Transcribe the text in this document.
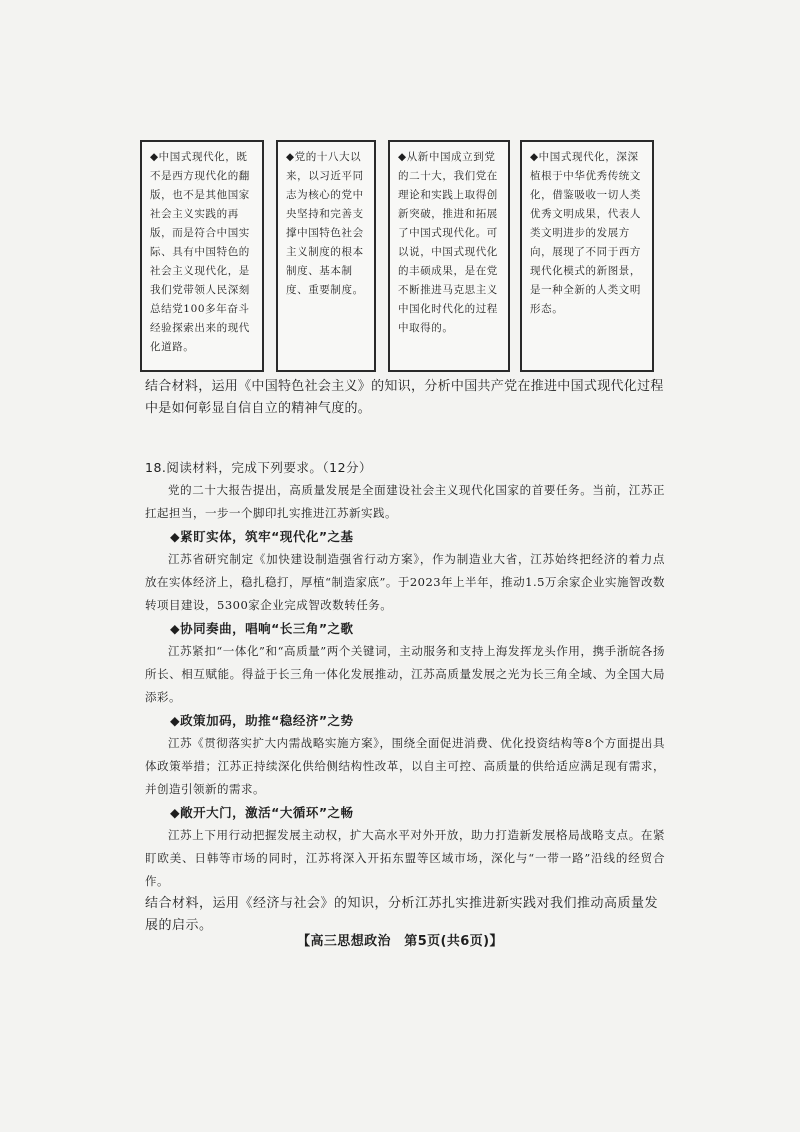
◆中国式现代化，既不是西方现代化的翻版，也不是其他国家社会主义实践的再版，而是符合中国实际、具有中国特色的社会主义现代化，是我们党带领人民深刻总结党100多年奋斗经验探索出来的现代化道路。
◆党的十八大以来，以习近平同志为核心的党中央坚持和完善支撑中国特色社会主义制度的根本制度、基本制度、重要制度。
◆从新中国成立到党的二十大，我们党在理论和实践上取得创新突破，推进和拓展了中国式现代化。可以说，中国式现代化的丰硕成果，是在党不断推进马克思主义中国化时代化的过程中取得的。
◆中国式现代化，深深植根于中华优秀传统文化，借鉴吸收一切人类优秀文明成果，代表人类文明进步的发展方向，展现了不同于西方现代化模式的新图景，是一种全新的人类文明形态。
结合材料，运用《中国特色社会主义》的知识，分析中国共产党在推进中国式现代化过程中是如何彰显自信自立的精神气度的。
18.阅读材料，完成下列要求。（12分）

党的二十大报告提出，高质量发展是全面建设社会主义现代化国家的首要任务。当前，江苏正扛起担当，一步一个脚印扎实推进江苏新实践。

◆紧盯实体，筑牢“现代化”之基

江苏省研究制定《加快建设制造强省行动方案》，作为制造业大省，江苏始终把经济的着力点放在实体经济上，稳扎稳打，厚植“制造家底”。于2023年上半年，推动1.5万余家企业实施智改数转项目建设，5300家企业完成智改数转任务。

◆协同奏曲，唱响“长三角”之歌

江苏紧扣“一体化”和“高质量”两个关键词，主动服务和支持上海发挥龙头作用，携手浙皖各扬所长、相互赋能。得益于长三角一体化发展推动，江苏高质量发展之光为长三角全域、为全国大局添彩。

◆政策加码，助推“稳经济”之势

江苏《贯彻落实扩大内需战略实施方案》，围绕全面促进消费、优化投资结构等8个方面提出具体政策举措；江苏正持续深化供给侧结构性改革，以自主可控、高质量的供给适应满足现有需求，并创造引领新的需求。

◆敞开大门，激活“大循环”之畅

江苏上下用行动把握发展主动权，扩大高水平对外开放，助力打造新发展格局战略支点。在紧盯欧美、日韩等市场的同时，江苏将深入开拓东盟等区域市场，深化与“一带一路”沿线的经贸合作。

结合材料，运用《经济与社会》的知识，分析江苏扎实推进新实践对我们推动高质量发展的启示。
【高三思想政治　第5页(共6页)】
